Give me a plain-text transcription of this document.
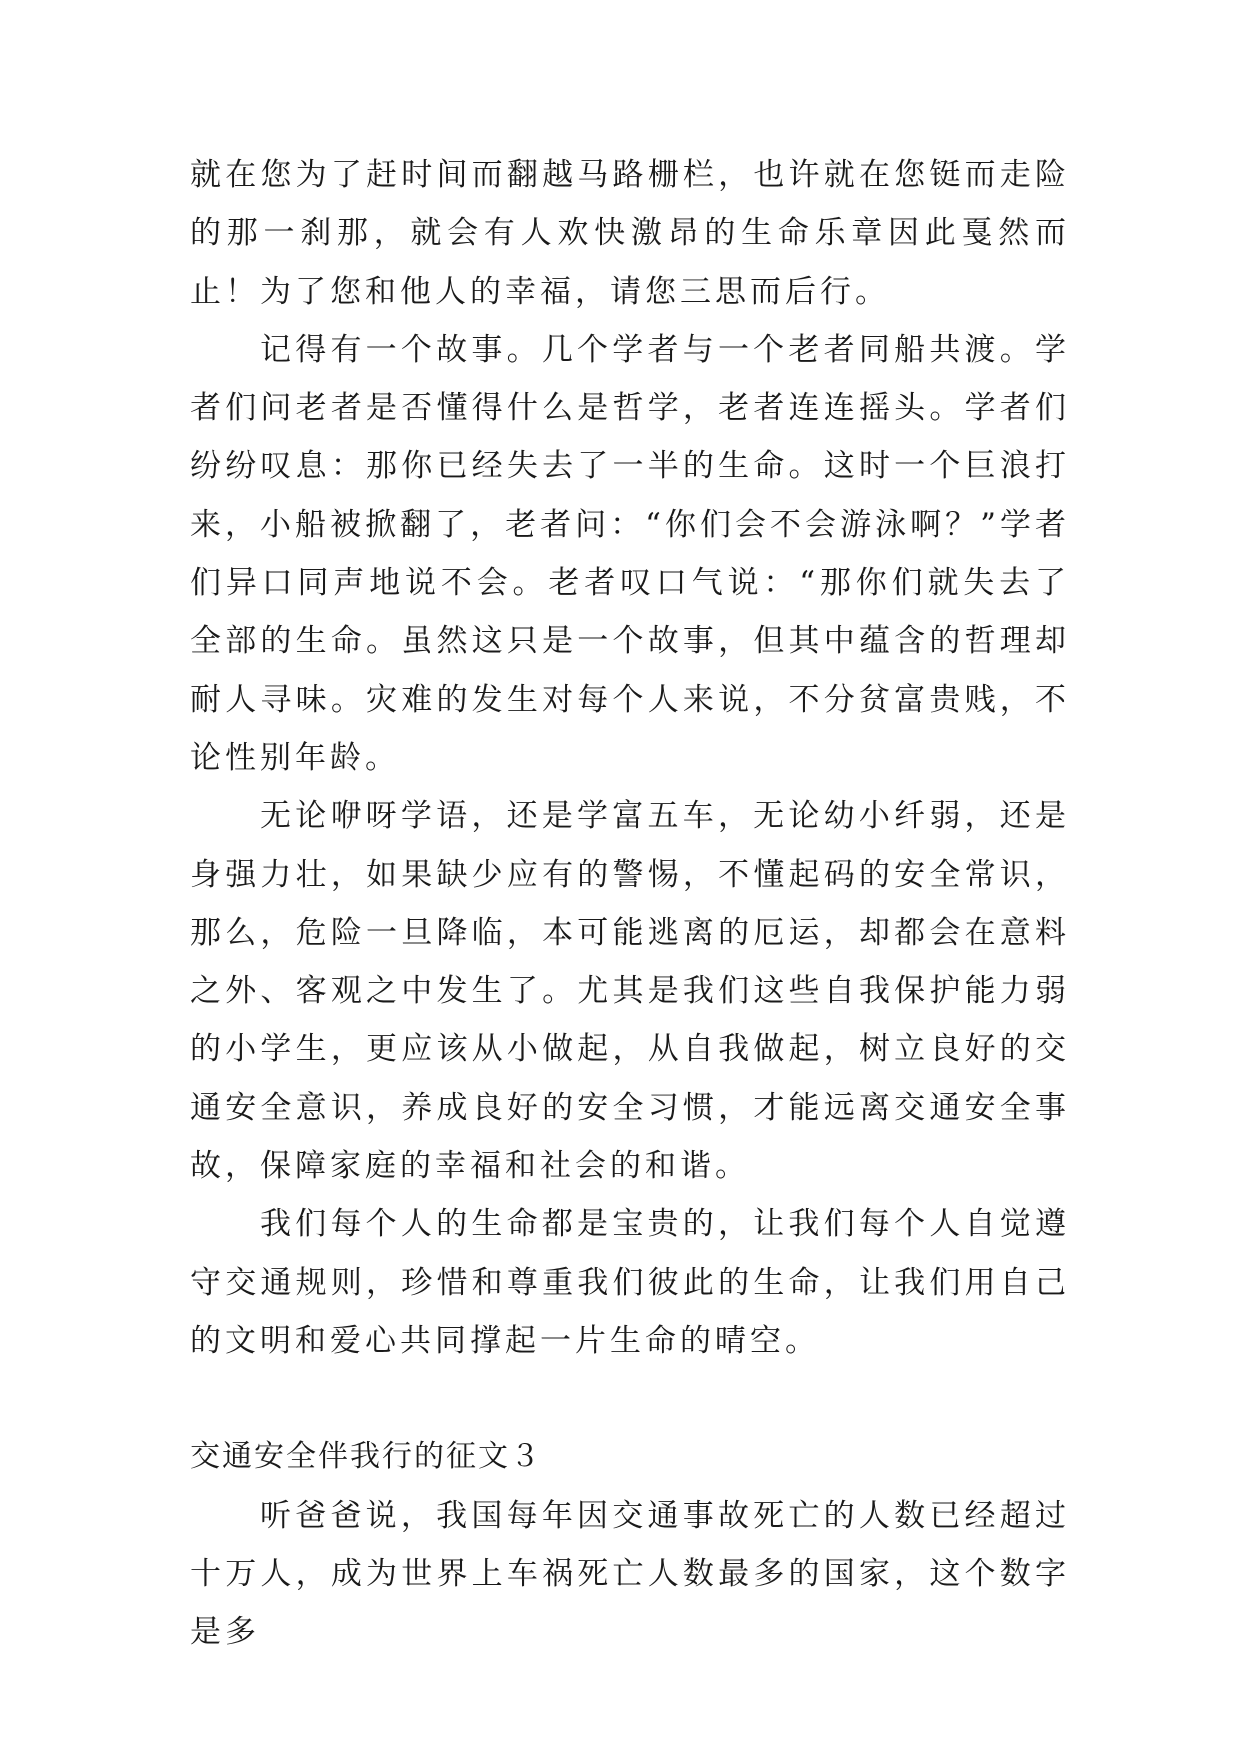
就在您为了赶时间而翻越马路栅栏，也许就在您铤而走险的那一刹那，就会有人欢快激昂的生命乐章因此戛然而止！为了您和他人的幸福，请您三思而后行。

记得有一个故事。几个学者与一个老者同船共渡。学者们问老者是否懂得什么是哲学，老者连连摇头。学者们纷纷叹息：那你已经失去了一半的生命。这时一个巨浪打来，小船被掀翻了，老者问：“你们会不会游泳啊？”学者们异口同声地说不会。老者叹口气说：“那你们就失去了全部的生命。虽然这只是一个故事，但其中蕴含的哲理却耐人寻味。灾难的发生对每个人来说，不分贫富贵贱，不论性别年龄。

无论咿呀学语，还是学富五车，无论幼小纤弱，还是身强力壮，如果缺少应有的警惕，不懂起码的安全常识，那么，危险一旦降临，本可能逃离的厄运，却都会在意料之外、客观之中发生了。尤其是我们这些自我保护能力弱的小学生，更应该从小做起，从自我做起，树立良好的交通安全意识，养成良好的安全习惯，才能远离交通安全事故，保障家庭的幸福和社会的和谐。

我们每个人的生命都是宝贵的，让我们每个人自觉遵守交通规则，珍惜和尊重我们彼此的生命，让我们用自己的文明和爱心共同撑起一片生命的晴空。

交通安全伴我行的征文３

听爸爸说，我国每年因交通事故死亡的人数已经超过十万人，成为世界上车祸死亡人数最多的国家，这个数字是多
